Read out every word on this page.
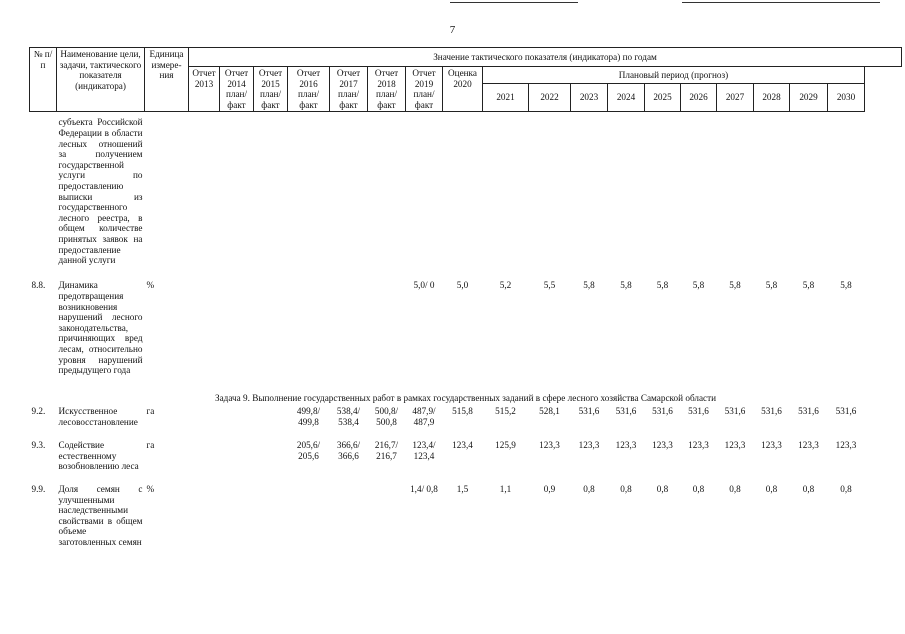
7
№ п/п	Наименование цели, задачи, тактического показателя (индикатора)	Единица измере-ния	Значение тактического показателя (индикатора) по годам																	
			Отчет 2013	Отчет 2014 план/ факт	Отчет 2015 план/ факт	Отчет 2016 план/ факт	Отчет 2017 план/ факт	Отчет 2018 план/ факт	Отчет 2019 план/ факт	Оценка 2020	Плановый период (прогноз)									
											2021	2022	2023	2024	2025	2026	2027	2028	2029	2030

	субъекта Российской Федерации в области лесных отношений за получением государственной услуги по предоставлению выписки из государственного лесного реестра, в общем количестве принятых заявок на предоставление данной услуги																			
8.8.	Динамика предотвращения возникновения нарушений лесного законодательства, причиняющих вред лесам, относительно уровня нарушений предыдущего года	%							5,0/ 0	5,0	5,2	5,5	5,8	5,8	5,8	5,8	5,8	5,8	5,8	5,8
Задача 9. Выполнение государственных работ в рамках государственных заданий в сфере лесного хозяйства Самарской области																				
9.2.	Искусственное лесовосстановление	га				499,8/ 499,8	538,4/ 538,4	500,8/ 500,8	487,9/ 487,9	515,8	515,2	528,1	531,6	531,6	531,6	531,6	531,6	531,6	531,6	531,6
9.3.	Содействие естественному возобновлению леса	га				205,6/ 205,6	366,6/ 366,6	216,7/ 216,7	123,4/ 123,4	123,4	125,9	123,3	123,3	123,3	123,3	123,3	123,3	123,3	123,3	123,3
9.9.	Доля семян с улучшенными наследственными свойствами в общем объеме заготовленных семян	%							1,4/ 0,8	1,5	1,1	0,9	0,8	0,8	0,8	0,8	0,8	0,8	0,8	0,8
